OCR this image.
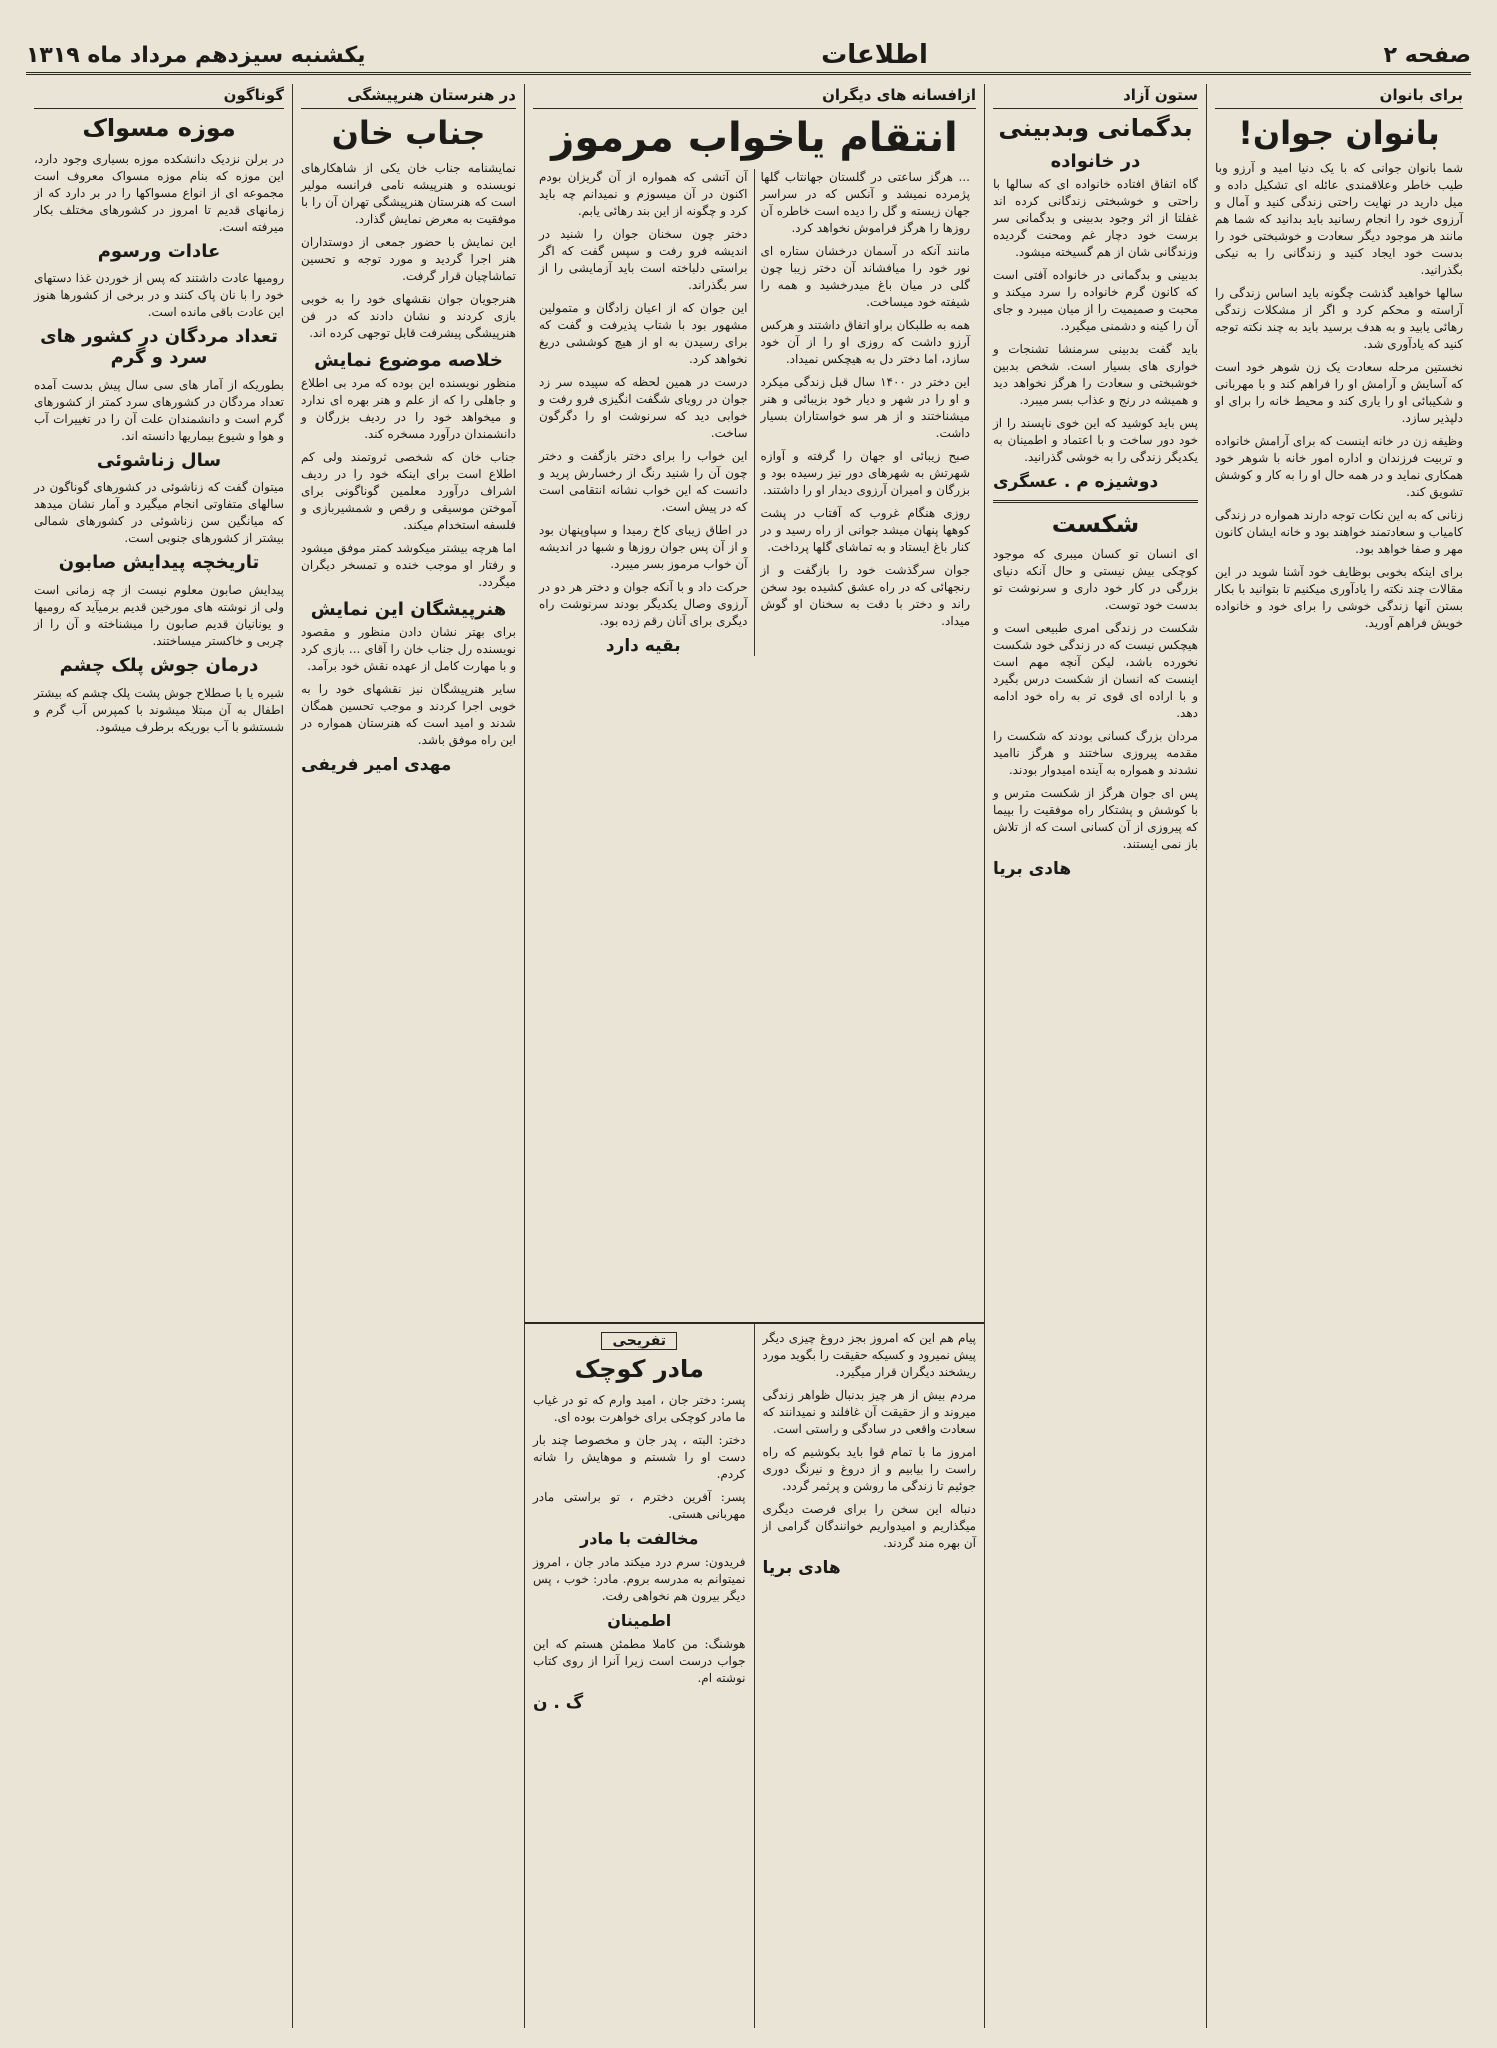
صفحه ۲
اطلاعات
یکشنبه سیزدهم مرداد ماه ۱۳۱۹
برای بانوان
بانوان جوان!

شما بانوان جوانی که با یک دنیا امید و آرزو وبا طیب خاطر وعلاقمندی عائله ای تشکیل داده و میل دارید در نهایت راحتی زندگی کنید و آمال و آرزوی خود را انجام رسانید باید بدانید که شما هم مانند هر موجود دیگر سعادت و خوشبختی خود را بدست خود ایجاد کنید و زندگانی را به نیکی بگذرانید.

سالها خواهید گذشت چگونه باید اساس زندگی را آراسته و محکم کرد و اگر از مشکلات زندگی رهائی یابید و به هدف برسید باید به چند نکته توجه کنید که یادآوری شد.

نخستین مرحله سعادت یک زن شوهر خود است که آسایش و آرامش او را فراهم کند و با مهربانی و شکیبائی او را یاری کند و محیط خانه را برای او دلپذیر سازد.

وظیفه زن در خانه اینست که برای آرامش خانواده و تربیت فرزندان و اداره امور خانه با شوهر خود همکاری نماید و در همه حال او را به کار و کوشش تشویق کند.

زنانی که به این نکات توجه دارند همواره در زندگی کامیاب و سعادتمند خواهند بود و خانه ایشان کانون مهر و صفا خواهد بود.

برای اینکه بخوبی بوظایف خود آشنا شوید در این مقالات چند نکته را یادآوری میکنیم تا بتوانید با بکار بستن آنها زندگی خوشی را برای خود و خانواده خویش فراهم آورید.

ستون آزاد
بدگمانی وبدبینی
در خانواده

گاه اتفاق افتاده خانواده ای که سالها با راحتی و خوشبختی زندگانی کرده اند غفلتا از اثر وجود بدبینی و بدگمانی سر برست خود دچار غم ومحنت گردیده وزندگانی شان از هم گسیخته میشود.

بدبینی و بدگمانی در خانواده آفتی است که کانون گرم خانواده را سرد میکند و محبت و صمیمیت را از میان میبرد و جای آن را کینه و دشمنی میگیرد.

باید گفت بدبینی سرمنشا تشنجات و خواری های بسیار است. شخص بدبین خوشبختی و سعادت را هرگز نخواهد دید و همیشه در رنج و عذاب بسر میبرد.

پس باید کوشید که این خوی ناپسند را از خود دور ساخت و با اعتماد و اطمینان به یکدیگر زندگی را به خوشی گذرانید.

دوشیزه م . عسگری
شکست

ای انسان تو کسان میبری که موجود کوچکی بیش نیستی و حال آنکه دنیای بزرگی در کار خود داری و سرنوشت تو بدست خود توست.

شکست در زندگی امری طبیعی است و هیچکس نیست که در زندگی خود شکست نخورده باشد، لیکن آنچه مهم است اینست که انسان از شکست درس بگیرد و با اراده ای قوی تر به راه خود ادامه دهد.

مردان بزرگ کسانی بودند که شکست را مقدمه پیروزی ساختند و هرگز ناامید نشدند و همواره به آینده امیدوار بودند.

پس ای جوان هرگز از شکست مترس و با کوشش و پشتکار راه موفقیت را بپیما که پیروزی از آن کسانی است که از تلاش باز نمی ایستند.

هادی بریا
ازافسانه های دیگران
انتقام یاخواب مرموز

... هرگز ساعتی در گلستان جهانتاب گلها پژمرده نمیشد و آنکس که در سراسر جهان زیسته و گل را دیده است خاطره آن روزها را هرگز فراموش نخواهد کرد.

مانند آنکه در آسمان درخشان ستاره ای نور خود را میافشاند آن دختر زیبا چون گلی در میان باغ میدرخشید و همه را شیفته خود میساخت.

همه به طلبکان براو اتفاق داشتند و هرکس آرزو داشت که روزی او را از آن خود سازد، اما دختر دل به هیچکس نمیداد.

این دختر در ۱۴۰۰ سال قبل زندگی میکرد و او را در شهر و دیار خود بزیبائی و هنر میشناختند و از هر سو خواستاران بسیار داشت.

صبح زیبائی او جهان را گرفته و آوازه شهرتش به شهرهای دور نیز رسیده بود و بزرگان و امیران آرزوی دیدار او را داشتند.

روزی هنگام غروب که آفتاب در پشت کوهها پنهان میشد جوانی از راه رسید و در کنار باغ ایستاد و به تماشای گلها پرداخت.

جوان سرگذشت خود را بازگفت و از رنجهائی که در راه عشق کشیده بود سخن راند و دختر با دقت به سخنان او گوش میداد.

آن آتشی که همواره از آن گریزان بودم اکنون در آن میسوزم و نمیدانم چه باید کرد و چگونه از این بند رهائی یابم.

دختر چون سخنان جوان را شنید در اندیشه فرو رفت و سپس گفت که اگر براستی دلباخته است باید آزمایشی را از سر بگذراند.

این جوان که از اعیان زادگان و متمولین مشهور بود با شتاب پذیرفت و گفت که برای رسیدن به او از هیچ کوششی دریغ نخواهد کرد.

درست در همین لحظه که سپیده سر زد جوان در رویای شگفت انگیزی فرو رفت و خوابی دید که سرنوشت او را دگرگون ساخت.

این خواب را برای دختر بازگفت و دختر چون آن را شنید رنگ از رخسارش پرید و دانست که این خواب نشانه انتقامی است که در پیش است.

در اطاق زیبای کاخ رمیدا و سپاوپنهان بود و از آن پس جوان روزها و شبها در اندیشه آن خواب مرموز بسر میبرد.

حرکت داد و با آنکه جوان و دختر هر دو در آرزوی وصال یکدیگر بودند سرنوشت راه دیگری برای آنان رقم زده بود.

بقیه دارد

پیام هم این که امروز بجز دروغ چیزی دیگر پیش نمیرود و کسیکه حقیقت را بگوید مورد ریشخند دیگران قرار میگیرد.

مردم بیش از هر چیز بدنبال ظواهر زندگی میروند و از حقیقت آن غافلند و نمیدانند که سعادت واقعی در سادگی و راستی است.

امروز ما با تمام قوا باید بکوشیم که راه راست را بیابیم و از دروغ و نیرنگ دوری جوئیم تا زندگی ما روشن و پرثمر گردد.

دنباله این سخن را برای فرصت دیگری میگذاریم و امیدواریم خوانندگان گرامی از آن بهره مند گردند.

هادی بریا
تفریحی
مادر کوچک

پسر: دختر جان ، امید وارم که تو در غیاب ما مادر کوچکی برای خواهرت بوده ای.

دختر: البته ، پدر جان و مخصوصا چند بار دست او را شستم و موهایش را شانه کردم.

پسر: آفرین دخترم ، تو براستی مادر مهربانی هستی.

مخالفت با مادر

فریدون: سرم درد میکند مادر جان ، امروز نمیتوانم به مدرسه بروم. مادر: خوب ، پس دیگر بیرون هم نخواهی رفت.

اطمینان

هوشنگ: من کاملا مطمئن هستم که این جواب درست است زیرا آنرا از روی کتاب نوشته ام.

گ . ن
در هنرستان هنرپیشگی
جناب خان

نمایشنامه جناب خان یکی از شاهکارهای نویسنده و هنرپیشه نامی فرانسه مولیر است که هنرستان هنرپیشگی تهران آن را با موفقیت به معرض نمایش گذارد.

این نمایش با حضور جمعی از دوستداران هنر اجرا گردید و مورد توجه و تحسین تماشاچیان قرار گرفت.

هنرجویان جوان نقشهای خود را به خوبی بازی کردند و نشان دادند که در فن هنرپیشگی پیشرفت قابل توجهی کرده اند.

خلاصه موضوع نمایش

منظور نویسنده این بوده که مرد بی اطلاع و جاهلی را که از علم و هنر بهره ای ندارد و میخواهد خود را در ردیف بزرگان و دانشمندان درآورد مسخره کند.

جناب خان که شخصی ثروتمند ولی کم اطلاع است برای اینکه خود را در ردیف اشراف درآورد معلمین گوناگونی برای آموختن موسیقی و رقص و شمشیربازی و فلسفه استخدام میکند.

اما هرچه بیشتر میکوشد کمتر موفق میشود و رفتار او موجب خنده و تمسخر دیگران میگردد.

هنرپیشگان این نمایش

برای بهتر نشان دادن منظور و مقصود نویسنده رل جناب خان را آقای ... بازی کرد و با مهارت کامل از عهده نقش خود برآمد.

سایر هنرپیشگان نیز نقشهای خود را به خوبی اجرا کردند و موجب تحسین همگان شدند و امید است که هنرستان همواره در این راه موفق باشد.

مهدی امیر فریفی
گوناگون
موزه مسواک

در برلن نزدیک دانشکده موزه بسیاری وجود دارد، این موزه که بنام موزه مسواک معروف است مجموعه ای از انواع مسواکها را در بر دارد که از زمانهای قدیم تا امروز در کشورهای مختلف بکار میرفته است.

عادات ورسوم

رومیها عادت داشتند که پس از خوردن غذا دستهای خود را با نان پاک کنند و در برخی از کشورها هنوز این عادت باقی مانده است.

تعداد مردگان در کشور های سرد و گرم

بطوریکه از آمار های سی سال پیش بدست آمده تعداد مردگان در کشورهای سرد کمتر از کشورهای گرم است و دانشمندان علت آن را در تغییرات آب و هوا و شیوع بیماریها دانسته اند.

سال زناشوئی

میتوان گفت که زناشوئی در کشورهای گوناگون در سالهای متفاوتی انجام میگیرد و آمار نشان میدهد که میانگین سن زناشوئی در کشورهای شمالی بیشتر از کشورهای جنوبی است.

تاریخچه پیدایش صابون

پیدایش صابون معلوم نیست از چه زمانی است ولی از نوشته های مورخین قدیم برمیآید که رومیها و یونانیان قدیم صابون را میشناخته و آن را از چربی و خاکستر میساختند.

درمان جوش پلک چشم

شیره یا با صطلاح جوش پشت پلک چشم که بیشتر اطفال به آن مبتلا میشوند با کمپرس آب گرم و شستشو با آب بوریکه برطرف میشود.
